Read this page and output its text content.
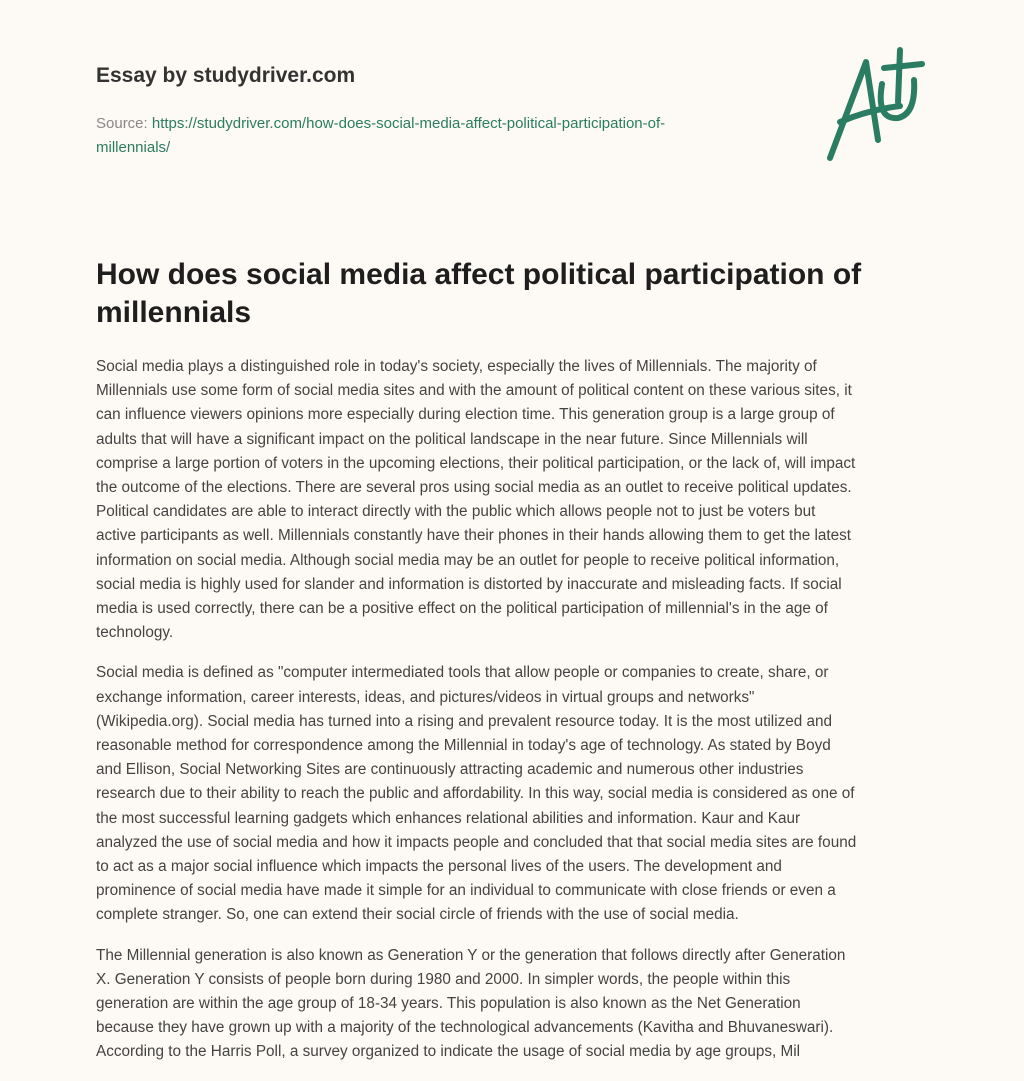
Essay by studydriver.com
Source: https://studydriver.com/how-does-social-media-affect-political-participation-of-
millennials/
How does social media affect political participation of
millennials

Social media plays a distinguished role in today's society, especially the lives of Millennials. The majority of
Millennials use some form of social media sites and with the amount of political content on these various sites, it
can influence viewers opinions more especially during election time. This generation group is a large group of
adults that will have a significant impact on the political landscape in the near future. Since Millennials will
comprise a large portion of voters in the upcoming elections, their political participation, or the lack of, will impact
the outcome of the elections. There are several pros using social media as an outlet to receive political updates.
Political candidates are able to interact directly with the public which allows people not to just be voters but
active participants as well. Millennials constantly have their phones in their hands allowing them to get the latest
information on social media. Although social media may be an outlet for people to receive political information,
social media is highly used for slander and information is distorted by inaccurate and misleading facts. If social
media is used correctly, there can be a positive effect on the political participation of millennial's in the age of
technology.

Social media is defined as "computer intermediated tools that allow people or companies to create, share, or
exchange information, career interests, ideas, and pictures/videos in virtual groups and networks"
(Wikipedia.org). Social media has turned into a rising and prevalent resource today. It is the most utilized and
reasonable method for correspondence among the Millennial in today's age of technology. As stated by Boyd
and Ellison, Social Networking Sites are continuously attracting academic and numerous other industries
research due to their ability to reach the public and affordability. In this way, social media is considered as one of
the most successful learning gadgets which enhances relational abilities and information. Kaur and Kaur
analyzed the use of social media and how it impacts people and concluded that that social media sites are found
to act as a major social influence which impacts the personal lives of the users. The development and
prominence of social media have made it simple for an individual to communicate with close friends or even a
complete stranger. So, one can extend their social circle of friends with the use of social media.

The Millennial generation is also known as Generation Y or the generation that follows directly after Generation
X. Generation Y consists of people born during 1980 and 2000. In simpler words, the people within this
generation are within the age group of 18-34 years. This population is also known as the Net Generation
because they have grown up with a majority of the technological advancements (Kavitha and Bhuvaneswari).
According to the Harris Poll, a survey organized to indicate the usage of social media by age groups, Mil
